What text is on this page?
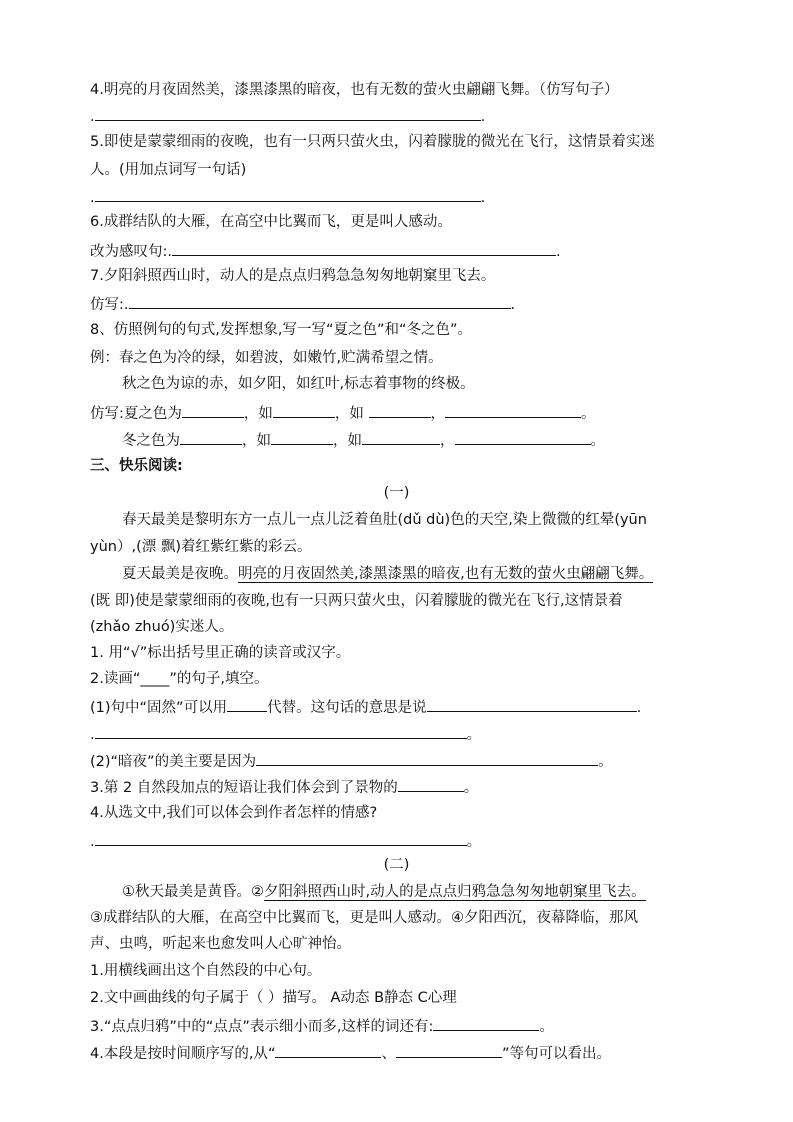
4.明亮的月夜固然美，漆黑漆黑的暗夜，也有无数的萤火虫翩翩飞舞。（仿写句子）
.	.
5.即使是蒙蒙细雨的夜晚，也有一只两只萤火虫，闪着朦胧的微光在飞行，这情景着实迷
人。(用加点词写一句话)
.	.
6.成群结队的大雁，在高空中比翼而飞，更是叫人感动。
改为感叹句:.	.
7.夕阳斜照西山时，动人的是点点归鸦急急匆匆地朝窠里飞去。
仿写:.	.
8、仿照例句的句式,发挥想象,写一写“夏之色”和“冬之色”。
例：春之色为冷的绿，如碧波，如嫩竹,贮满希望之情。
秋之色为谅的赤，如夕阳，如红叶,标志着事物的终极。
仿写:夏之色为	，如	，如	，	。
冬之色为	，如	，如	，	。
三、快乐阅读:
(一)
春天最美是黎明东方一点儿一点儿泛着鱼肚(dǔ dù)色的天空,染上微微的红晕(yūn
yùn）,(漂 飘)着红紫红紫的彩云。
夏天最美是夜晚。明亮的月夜固然美,漆黑漆黑的暗夜,也有无数的萤火虫翩翩飞舞。
(既 即)使是蒙蒙细雨的夜晚,也有一只两只萤火虫，闪着朦胧的微光在飞行,这情景着
(zhǎo zhuó)实迷人。
1. 用“√”标出括号里正确的读音或汉字。
2.读画“____”的句子,填空。
(1)句中“固然”可以用	代替。这句话的意思是说	.
.	。
(2)“暗夜”的美主要是因为	。
3.第 2 自然段加点的短语让我们体会到了景物的	。
4.从选文中,我们可以体会到作者怎样的情感?
.	。
(二)
①秋天最美是黄昏。②夕阳斜照西山时,动人的是点点归鸦急急匆匆地朝窠里飞去。
③成群结队的大雁，在高空中比翼而飞，更是叫人感动。④夕阳西沉，夜幕降临，那风
声、虫鸣，听起来也愈发叫人心旷神怡。
1.用横线画出这个自然段的中心句。
2.文中画曲线的句子属于（ ）描写。 A动态 B静态 C心理
3.“点点归鸦”中的“点点”表示细小而多,这样的词还有:	。
4.本段是按时间顺序写的,从“	、	”等句可以看出。
